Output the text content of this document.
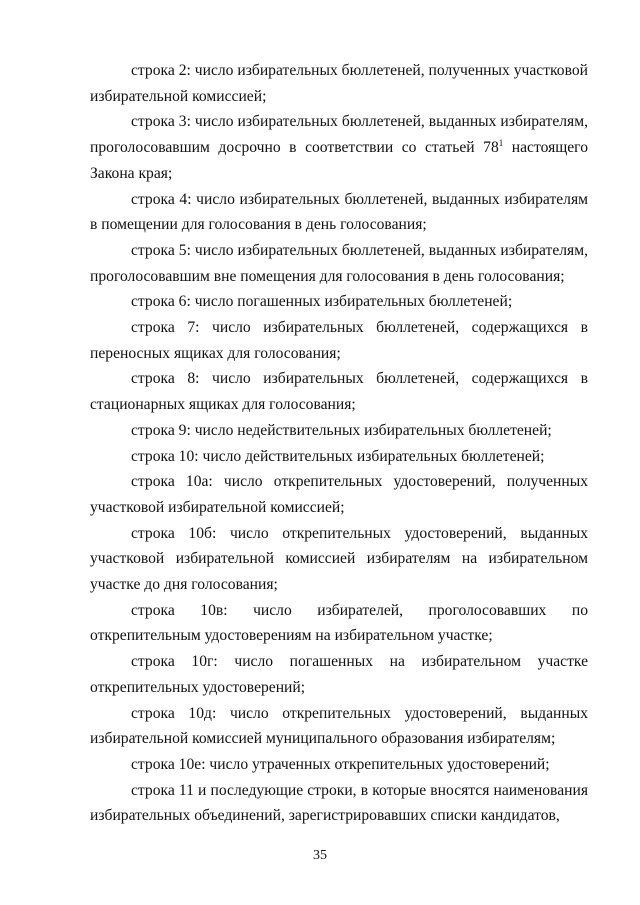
строка 2: число избирательных бюллетеней, полученных участковой избирательной комиссией;

строка 3: число избирательных бюллетеней, выданных избирателям, проголосовавшим досрочно в соответствии со статьей $78^1$ настоящего Закона края;

строка 4: число избирательных бюллетеней, выданных избирателям в помещении для голосования в день голосования;

строка 5: число избирательных бюллетеней, выданных избирателям, проголосовавшим вне помещения для голосования в день голосования;

строка 6: число погашенных избирательных бюллетеней;

строка 7: число избирательных бюллетеней, содержащихся в переносных ящиках для голосования;

строка 8: число избирательных бюллетеней, содержащихся в стационарных ящиках для голосования;

строка 9: число недействительных избирательных бюллетеней;

строка 10: число действительных избирательных бюллетеней;

строка 10а: число открепительных удостоверений, полученных участковой избирательной комиссией;

строка 10б: число открепительных удостоверений, выданных участковой избирательной комиссией избирателям на избирательном участке до дня голосования;

строка 10в: число избирателей, проголосовавших по открепительным удостоверениям на избирательном участке;

строка 10г: число погашенных на избирательном участке открепительных удостоверений;

строка 10д: число открепительных удостоверений, выданных избирательной комиссией муниципального образования избирателям;

строка 10е: число утраченных открепительных удостоверений;

строка 11 и последующие строки, в которые вносятся наименования избирательных объединений, зарегистрировавших списки кандидатов,

35
